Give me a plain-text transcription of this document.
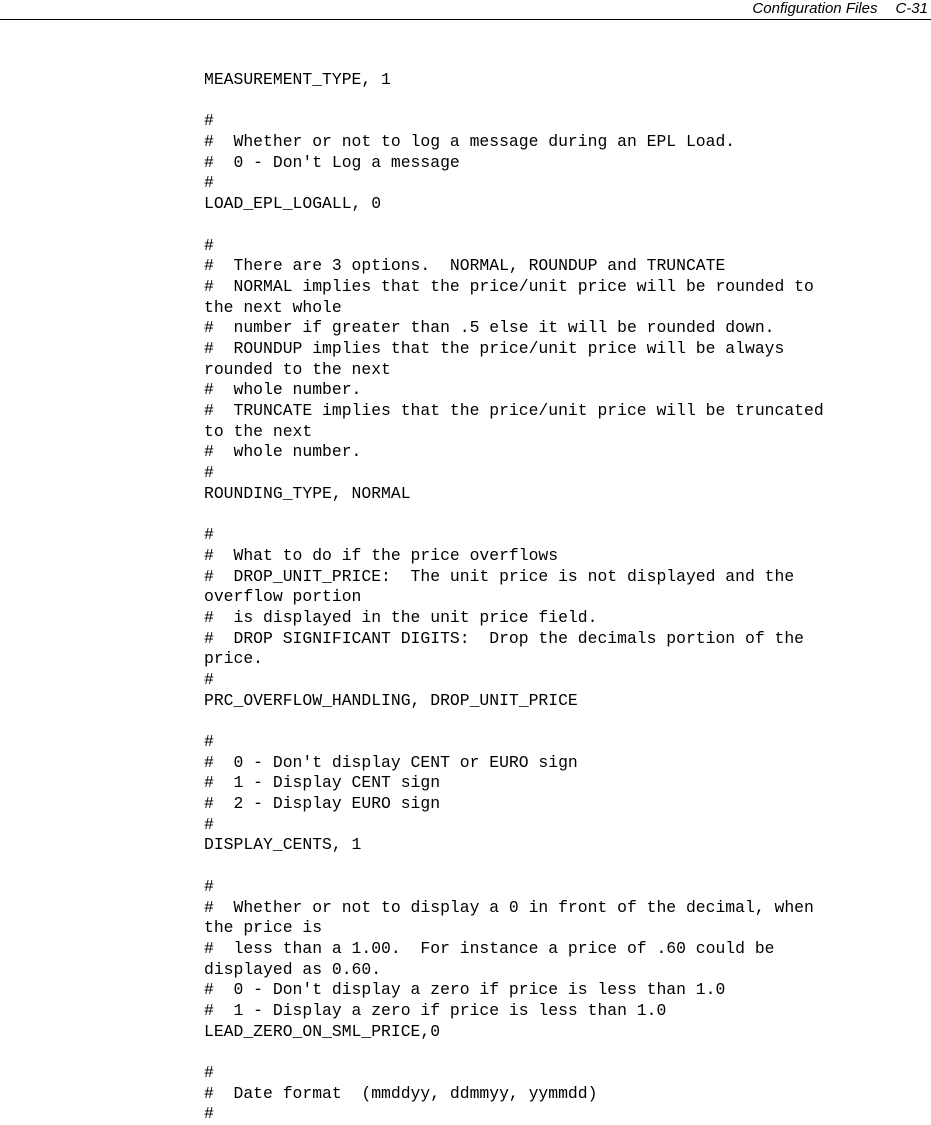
Configuration Files C-31
MEASUREMENT_TYPE, 1
#
#  Whether or not to log a message during an EPL Load.
#  0 - Don't Log a message
#
LOAD_EPL_LOGALL, 0
#
#  There are 3 options.  NORMAL, ROUNDUP and TRUNCATE
#  NORMAL implies that the price/unit price will be rounded to
the next whole
#  number if greater than .5 else it will be rounded down.
#  ROUNDUP implies that the price/unit price will be always
rounded to the next
#  whole number.
#  TRUNCATE implies that the price/unit price will be truncated
to the next
#  whole number.
#
ROUNDING_TYPE, NORMAL
#
#  What to do if the price overflows
#  DROP_UNIT_PRICE:  The unit price is not displayed and the
overflow portion
#  is displayed in the unit price field.
#  DROP SIGNIFICANT DIGITS:  Drop the decimals portion of the
price.
#
PRC_OVERFLOW_HANDLING, DROP_UNIT_PRICE
#
#  0 - Don't display CENT or EURO sign
#  1 - Display CENT sign
#  2 - Display EURO sign
#
DISPLAY_CENTS, 1
#
#  Whether or not to display a 0 in front of the decimal, when
the price is
#  less than a 1.00.  For instance a price of .60 could be
displayed as 0.60.
#  0 - Don't display a zero if price is less than 1.0
#  1 - Display a zero if price is less than 1.0
LEAD_ZERO_ON_SML_PRICE,0
#
#  Date format  (mmddyy, ddmmyy, yymmdd)
#
